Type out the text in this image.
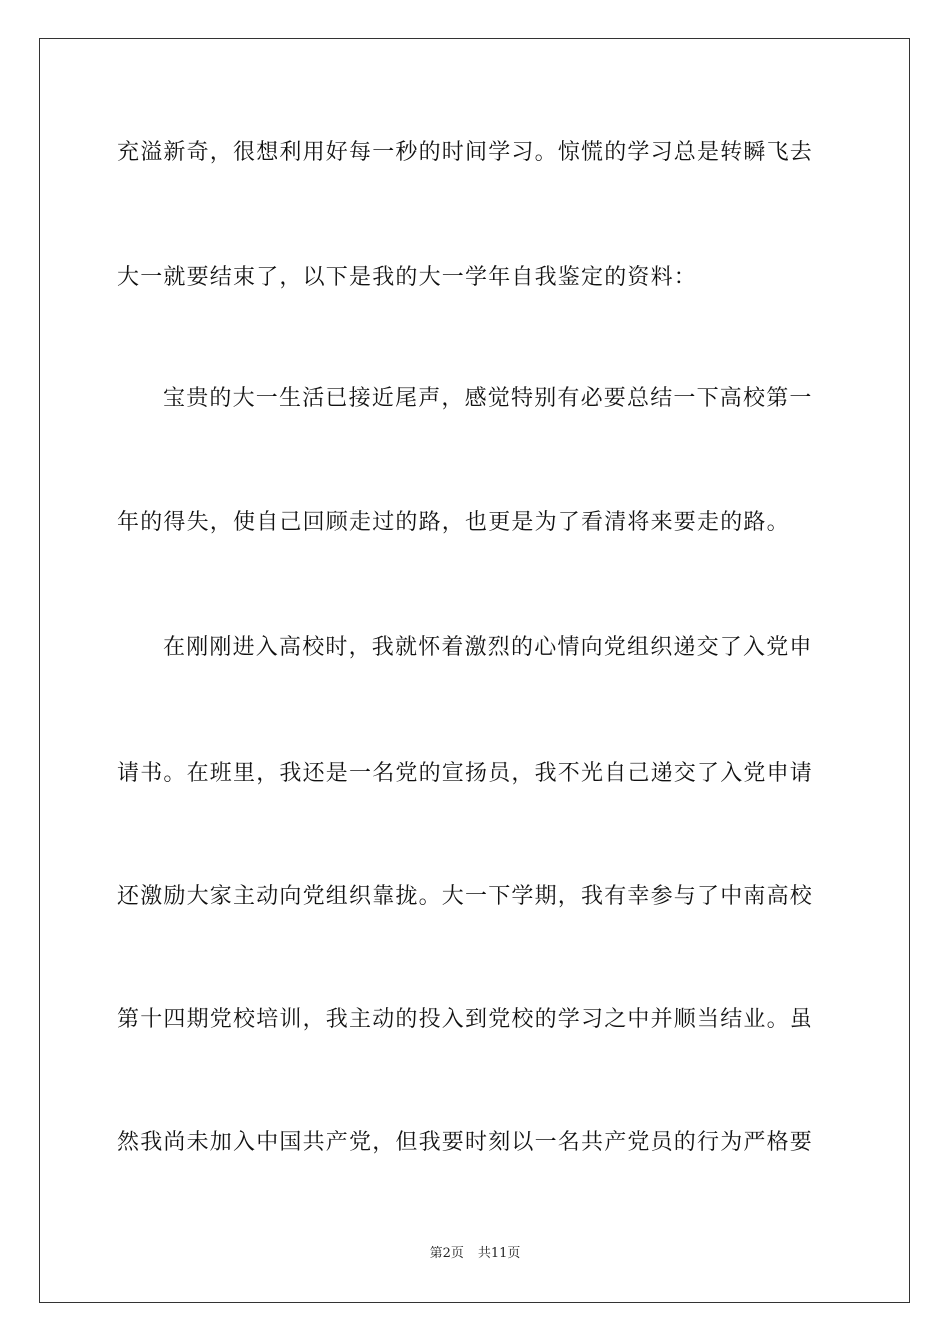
充溢新奇，很想利用好每一秒的时间学习。惊慌的学习总是转瞬飞去
大一就要结束了，以下是我的大一学年自我鉴定的资料：
宝贵的大一生活已接近尾声，感觉特别有必要总结一下高校第一
年的得失，使自己回顾走过的路，也更是为了看清将来要走的路。
在刚刚进入高校时，我就怀着激烈的心情向党组织递交了入党申
请书。在班里，我还是一名党的宣扬员，我不光自己递交了入党申请
还激励大家主动向党组织靠拢。大一下学期，我有幸参与了中南高校
第十四期党校培训，我主动的投入到党校的学习之中并顺当结业。虽
然我尚未加入中国共产党，但我要时刻以一名共产党员的行为严格要
第2页 共11页
